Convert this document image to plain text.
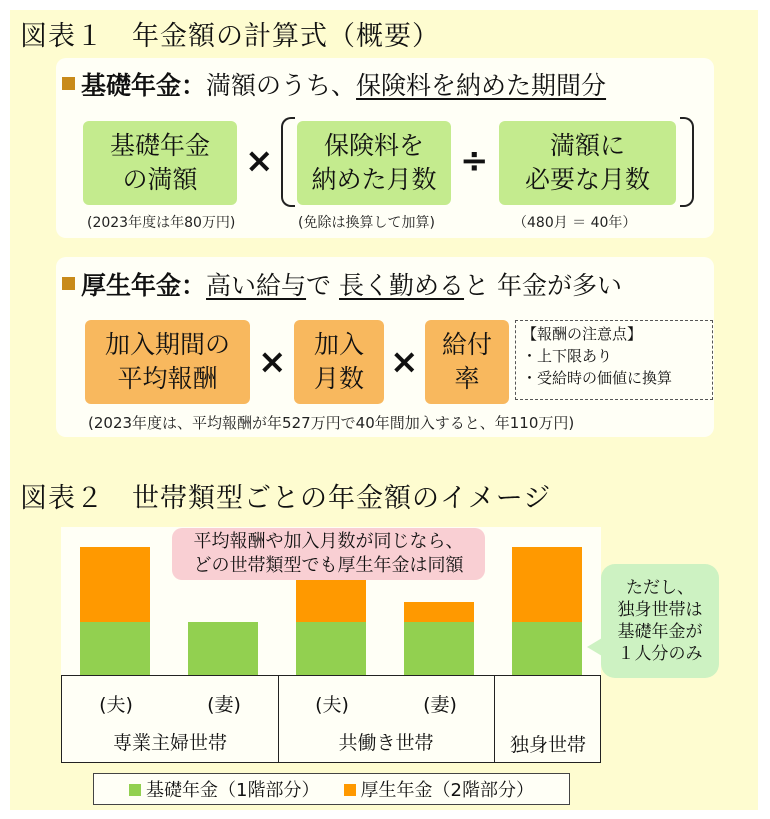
図表１　年金額の計算式（概要）
基礎年金：満額のうち、保険料を納めた期間分
基礎年金
の満額	×	保険料を
納めた月数 ÷	満額に
必要な月数
(2023年度は年80万円)	(免除は換算して加算)	（480月 ＝ 40年）
厚生年金：高い給与で 長く勤めると 年金が多い
加入期間の
平均報酬	×	加入
月数 × 給付
率
【報酬の注意点】
・上下限あり
・受給時の価値に換算
(2023年度は、平均報酬が年527万円で40年間加入すると、年110万円)
図表２　世帯類型ごとの年金額のイメージ
平均報酬や加入月数が同じなら、
どの世帯類型でも厚生年金は同額
ただし、
独身世帯は
基礎年金が
１人分のみ
専業主婦世帯	共働き世帯	独身世帯
(夫)	(妻)	(夫)	(妻)
基礎年金（1階部分）	厚生年金（2階部分）
